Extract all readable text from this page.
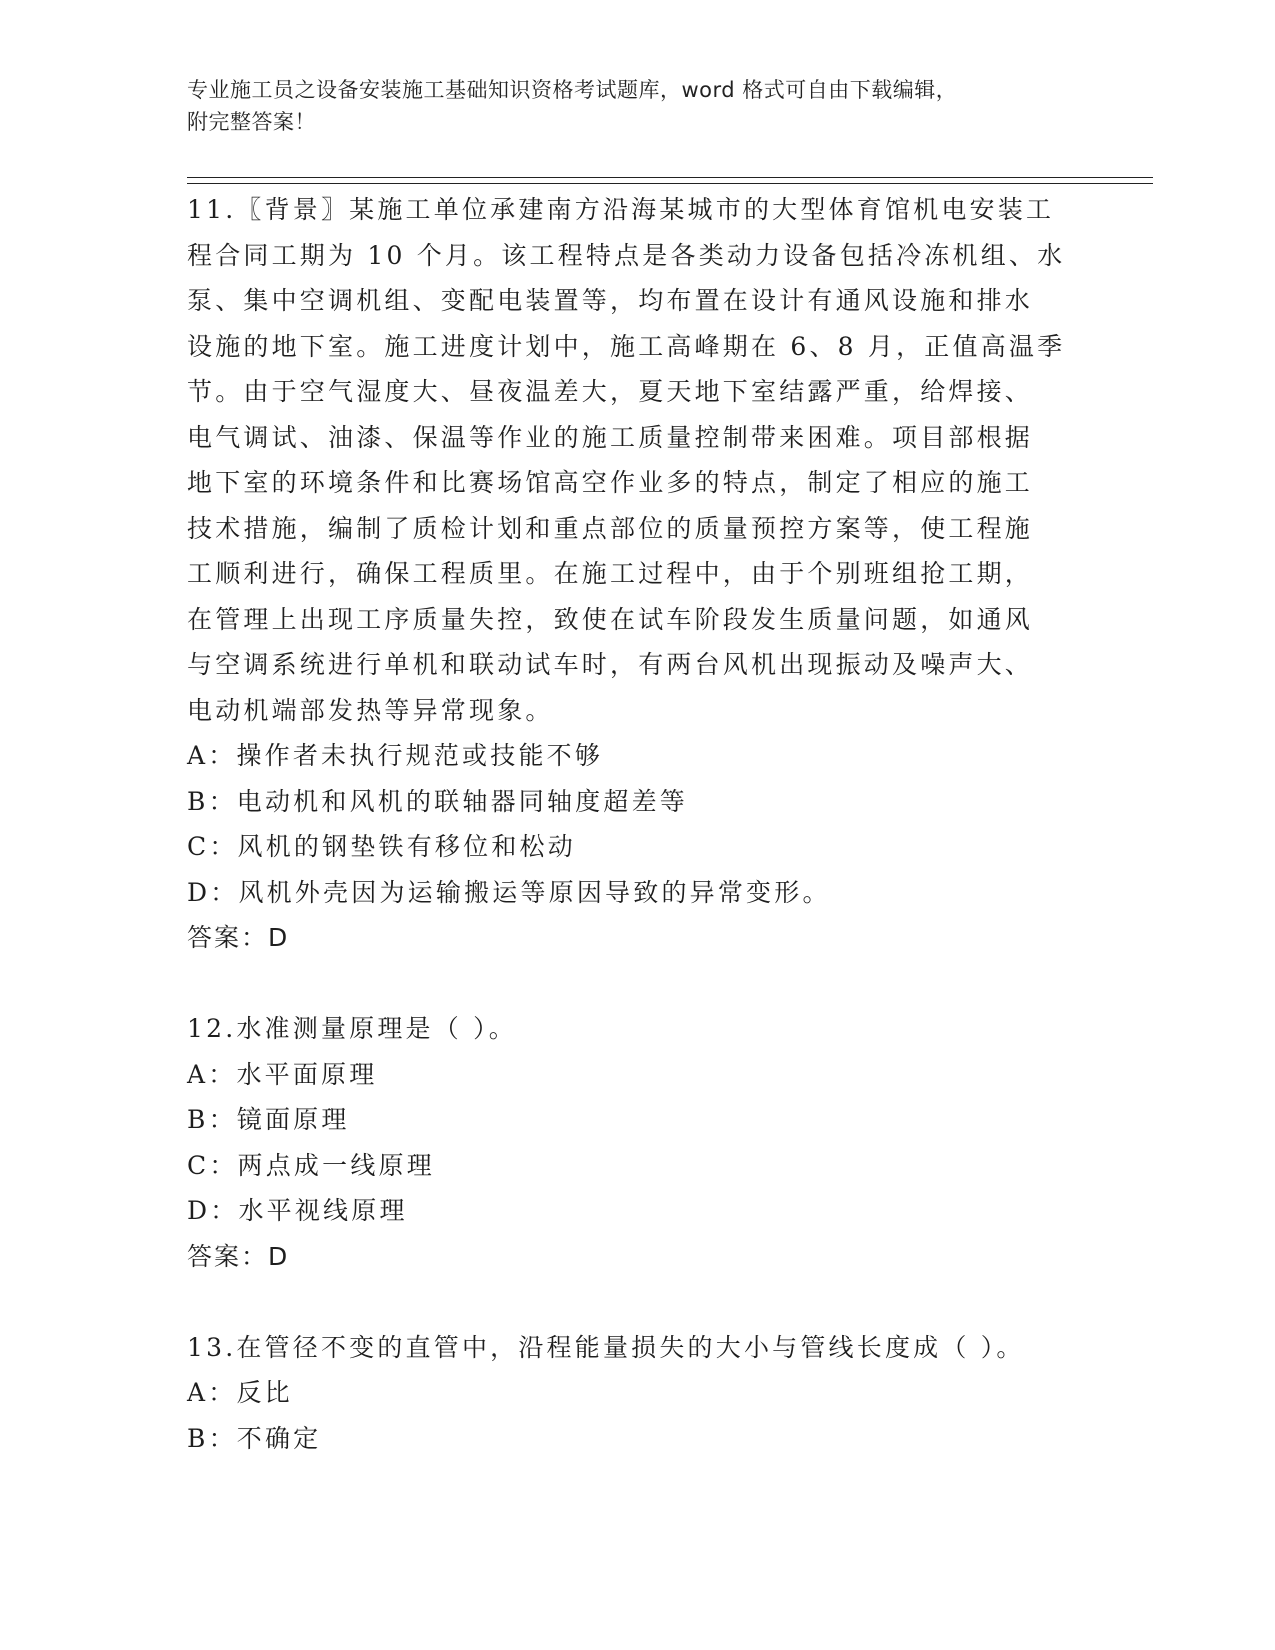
专业施工员之设备安装施工基础知识资格考试题库，word 格式可自由下载编辑，
附完整答案！

11.〖背景〗某施工单位承建南方沿海某城市的大型体育馆机电安装工

程合同工期为 10 个月。该工程特点是各类动力设备包括冷冻机组、水

泵、集中空调机组、变配电装置等，均布置在设计有通风设施和排水

设施的地下室。施工进度计划中，施工高峰期在 6、8 月，正值高温季

节。由于空气湿度大、昼夜温差大，夏天地下室结露严重，给焊接、

电气调试、油漆、保温等作业的施工质量控制带来困难。项目部根据

地下室的环境条件和比赛场馆高空作业多的特点，制定了相应的施工

技术措施，编制了质检计划和重点部位的质量预控方案等，使工程施

工顺利进行，确保工程质里。在施工过程中，由于个别班组抢工期，

在管理上出现工序质量失控，致使在试车阶段发生质量问题，如通风

与空调系统进行单机和联动试车时，有两台风机出现振动及噪声大、

电动机端部发热等异常现象。

A：操作者未执行规范或技能不够

B：电动机和风机的联轴器同轴度超差等

C：风机的钢垫铁有移位和松动

D：风机外壳因为运输搬运等原因导致的异常变形。

答案：D

12.水准测量原理是（ ）。

A：水平面原理

B：镜面原理

C：两点成一线原理

D：水平视线原理

答案：D

13.在管径不变的直管中，沿程能量损失的大小与管线长度成（ ）。

A：反比

B：不确定
